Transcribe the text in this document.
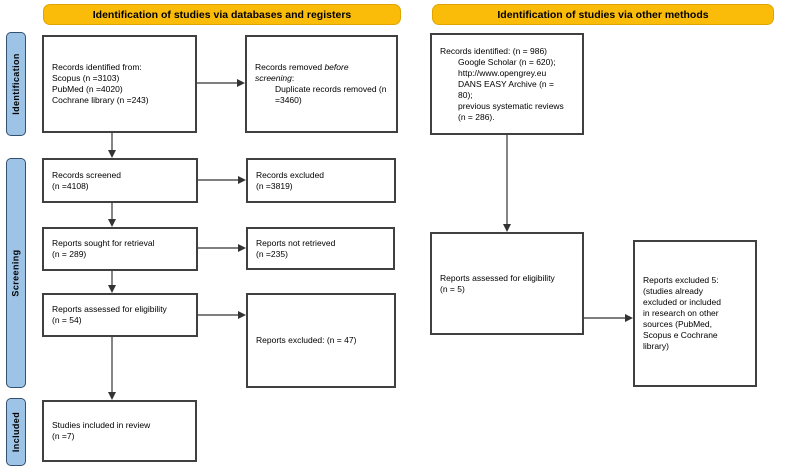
Identification of studies via databases and registers	Identification of studies via other methods
Identification
Screening
Included
Records identified from:
Scopus (n =3103)
PubMed (n =4020)
Cochrane library (n =243)
Records removed before screening:
Duplicate records removed (n
=3460)
Records screened
(n =4108)
Records excluded
(n =3819)
Reports sought for retrieval
(n = 289)
Reports not retrieved
(n =235)
Reports assessed for eligibility
(n = 54)
Reports excluded: (n = 47)
Studies included in review
(n =7)
Records identified: (n = 986)
Google Scholar (n = 620);
http://www.opengrey.eu
DANS EASY Archive (n =
80);
previous systematic reviews
(n = 286).
Reports assessed for eligibility
(n = 5)
Reports excluded 5:
(studies already
excluded or included
in research on other
sources (PubMed,
Scopus e Cochrane
library)
